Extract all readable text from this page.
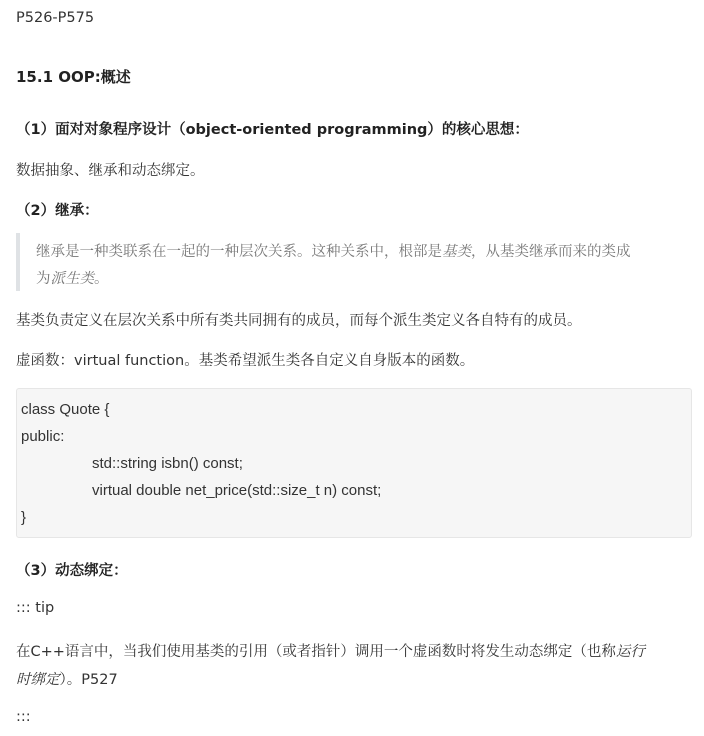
P526-P575
15.1 OOP:概述
（1）面对对象程序设计（object-oriented programming）的核心思想：
数据抽象、继承和动态绑定。
（2）继承：
继承是一种类联系在一起的一种层次关系。这种关系中，根部是基类，从基类继承而来的类成
为派生类。
基类负责定义在层次关系中所有类共同拥有的成员，而每个派生类定义各自特有的成员。
虚函数：virtual function。基类希望派生类各自定义自身版本的函数。
class Quote {
public:
std::string isbn() const;
virtual double net_price(std::size_t n) const;
}
（3）动态绑定：
::: tip
在C++语言中，当我们使用基类的引用（或者指针）调用一个虚函数时将发生动态绑定（也称运行
时绑定）。P527
:::
